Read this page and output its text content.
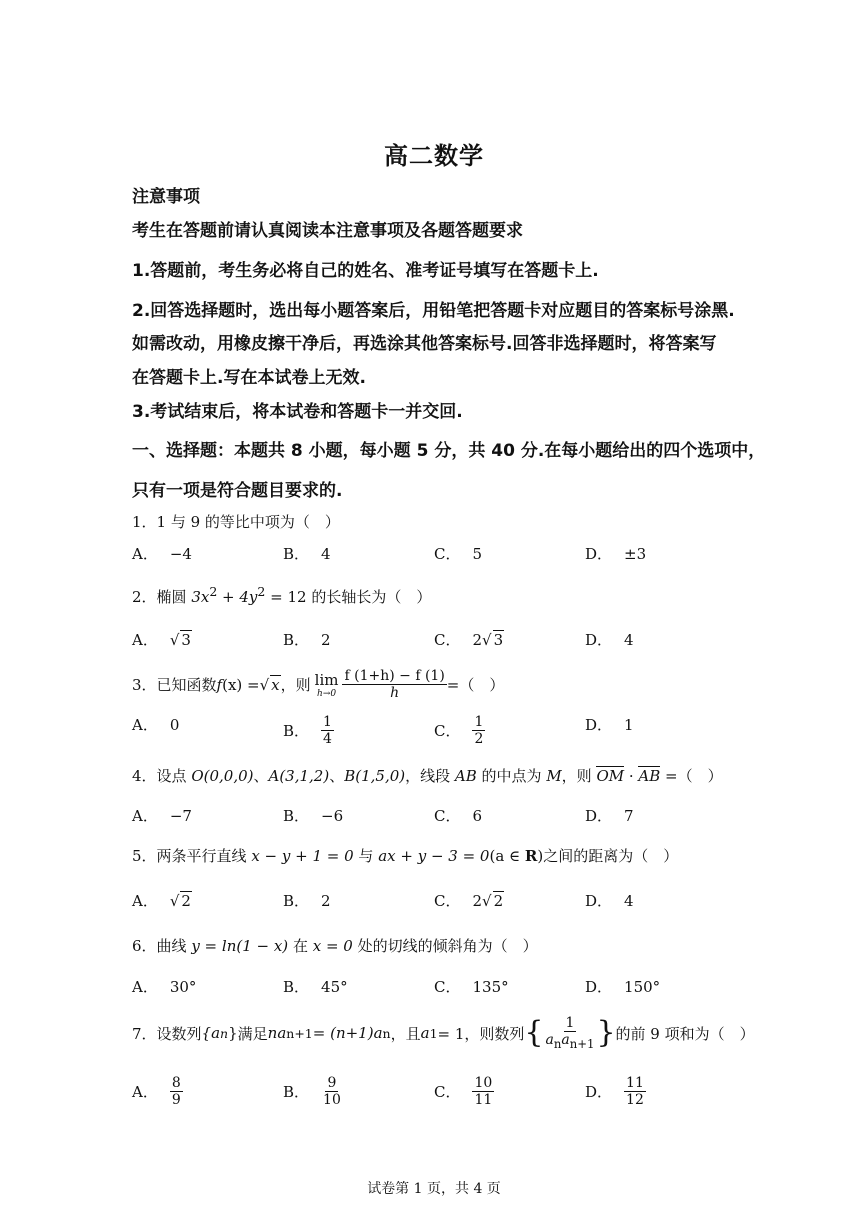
高二数学
注意事项
考生在答题前请认真阅读本注意事项及各题答题要求
1.答题前，考生务必将自己的姓名、准考证号填写在答题卡上.
2.回答选择题时，选出每小题答案后，用铅笔把答题卡对应题目的答案标号涂黑.
如需改动，用橡皮擦干净后，再选涂其他答案标号.回答非选择题时，将答案写
在答题卡上.写在本试卷上无效.
3.考试结束后，将本试卷和答题卡一并交回.
一、选择题：本题共 8 小题，每小题 5 分，共 40 分.在每小题给出的四个选项中，
只有一项是符合题目要求的.
1．1 与 9 的等比中项为（　）
A． −4	B． 4	C． 5	D． ±3
2．椭圆 $3x^2 + 4y^2 = 12$ 的长轴长为（　）
A． √ 3	B． 2	C． 2 √ 3	D． 4
3．已知函数 f (x) = √ x ，则 lim
$h\to 0 \frac{f (1+h) - f (1)}{h}$ =（　）
A． 0	B． $\frac{1}{4}$	C． $\frac{1}{2}$	D． 1
4．设点 O(0,0,0)、A(3,1,2)、B(1,5,0)，线段 AB 的中点为 M，则 OM · AB =（　）
A． −7	B． −6	C． 6	D． 7
5．两条平行直线 x − y + 1 = 0 与 ax + y − 3 = 0(a ∈ R)之间的距离为（　）
A． √ 2	B． 2	C． 2 √ 2	D． 4
6．曲线 y = ln(1 − x) 在 x = 0 处的切线的倾斜角为（　）
A． 30°	B． 45°	C． 135°	D． 150°
7．设数列 {a n } 满足 na n+1 = (n+1)a n ，且 a 1 = 1，则数列 { $\frac{1}{a_na_{n+1}}$ } 的前 9 项和为（　）
A． $\frac{8}{9}$	B． $\frac{9}{10}$	C． $\frac{10}{11}$	D． $\frac{11}{12}$
试卷第 1 页，共 4 页
